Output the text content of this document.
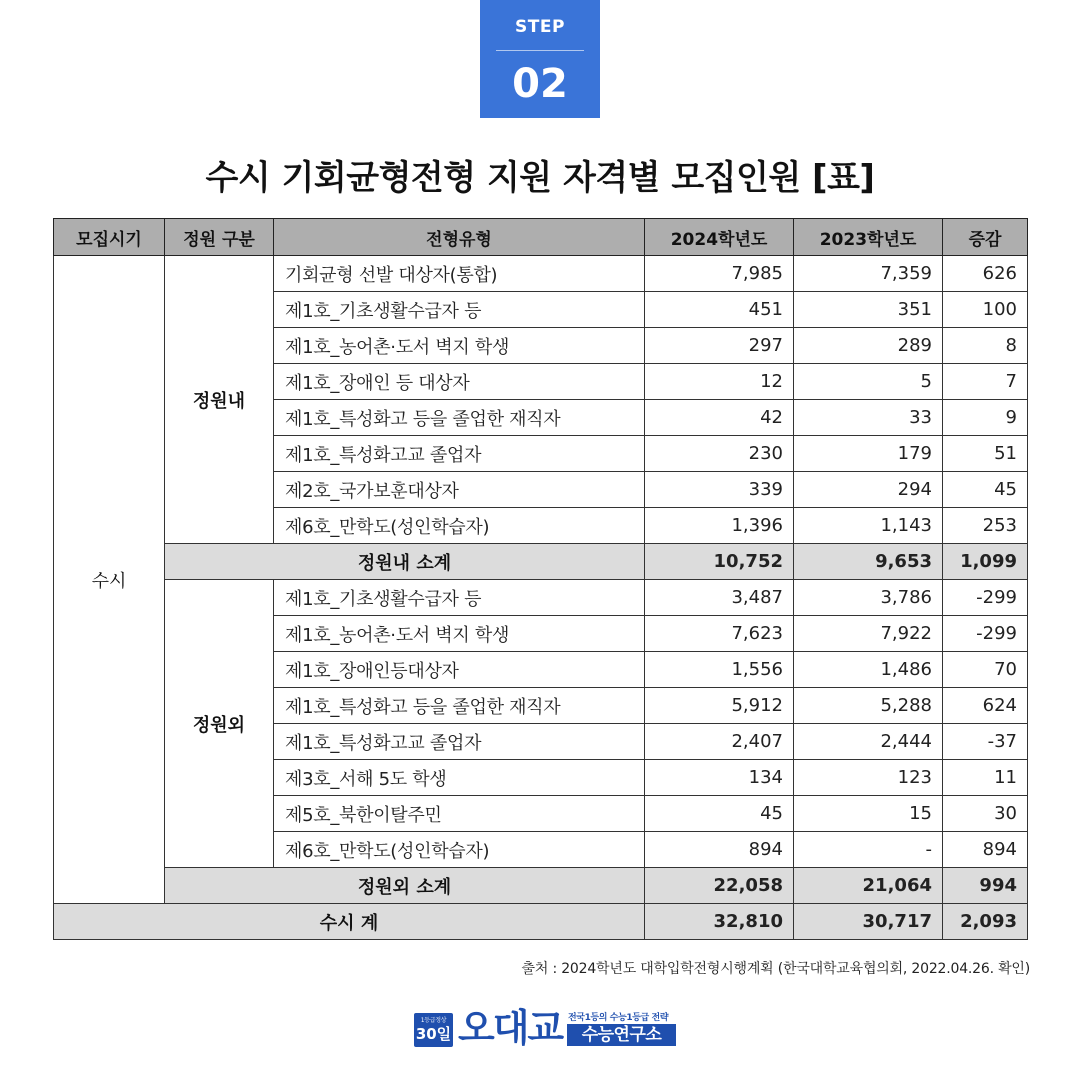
STEP
02
수시 기회균형전형 지원 자격별 모집인원 [표]
모집시기	정원 구분	전형유형	2024학년도	2023학년도	증감
수시	정원내	기회균형 선발 대상자(통합)	7,985	7,359	626
		제1호_기초생활수급자 등	451	351	100
		제1호_농어촌·도서 벽지 학생	297	289	8
		제1호_장애인 등 대상자	12	5	7
		제1호_특성화고 등을 졸업한 재직자	42	33	9
		제1호_특성화고교 졸업자	230	179	51
		제2호_국가보훈대상자	339	294	45
		제6호_만학도(성인학습자)	1,396	1,143	253
	정원내 소계		10,752	9,653	1,099
	정원외	제1호_기초생활수급자 등	3,487	3,786	-299
		제1호_농어촌·도서 벽지 학생	7,623	7,922	-299
		제1호_장애인등대상자	1,556	1,486	70
		제1호_특성화고 등을 졸업한 재직자	5,912	5,288	624
		제1호_특성화고교 졸업자	2,407	2,444	-37
		제3호_서해 5도 학생	134	123	11
		제5호_북한이탈주민	45	15	30
		제6호_만학도(성인학습자)	894	-	894
	정원외 소계		22,058	21,064	994
수시 계			32,810	30,717	2,093
출처 : 2024학년도 대학입학전형시행계획 (한국대학교육협의회, 2022.04.26. 확인)
1등급정상
30일 오대교 전국1등의 수능1등급 전략
수능연구소
